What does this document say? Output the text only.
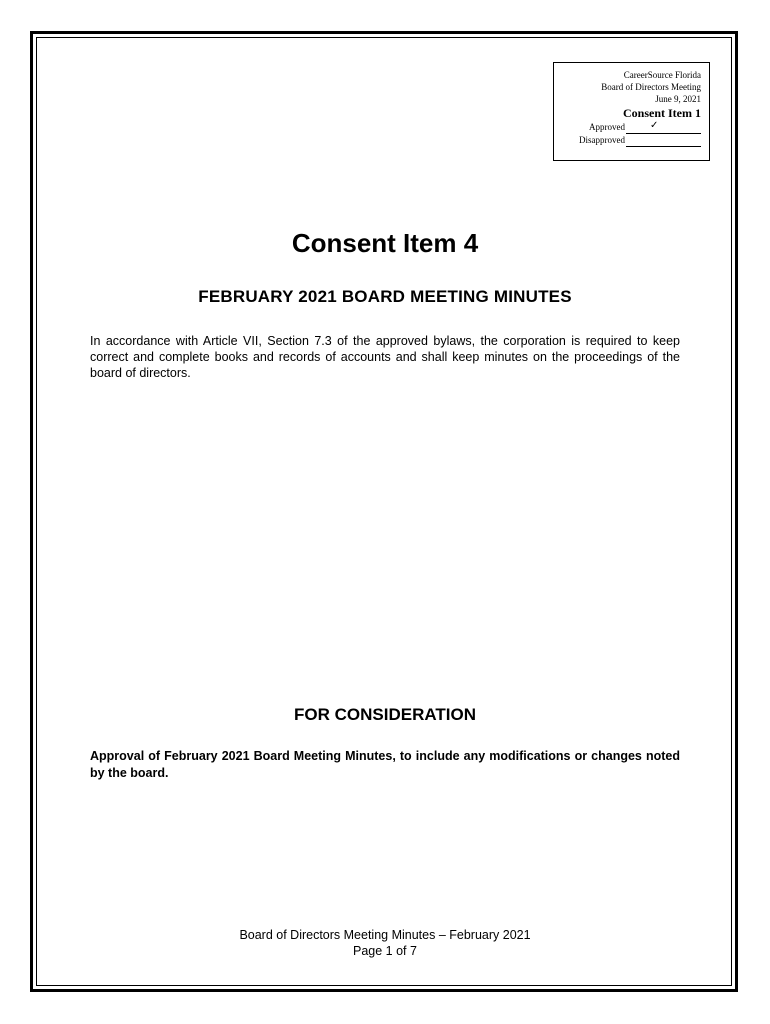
CareerSource Florida
Board of Directors Meeting
June 9, 2021
Consent Item 1
Approved	✓
Disapproved
Consent Item 4
FEBRUARY 2021 BOARD MEETING MINUTES

In accordance with Article VII, Section 7.3 of the approved bylaws, the corporation is required to keep correct and complete books and records of accounts and shall keep minutes on the proceedings of the board of directors.

FOR CONSIDERATION

Approval of February 2021 Board Meeting Minutes, to include any modifications or changes noted by the board.

Board of Directors Meeting Minutes – February 2021
Page 1 of 7
